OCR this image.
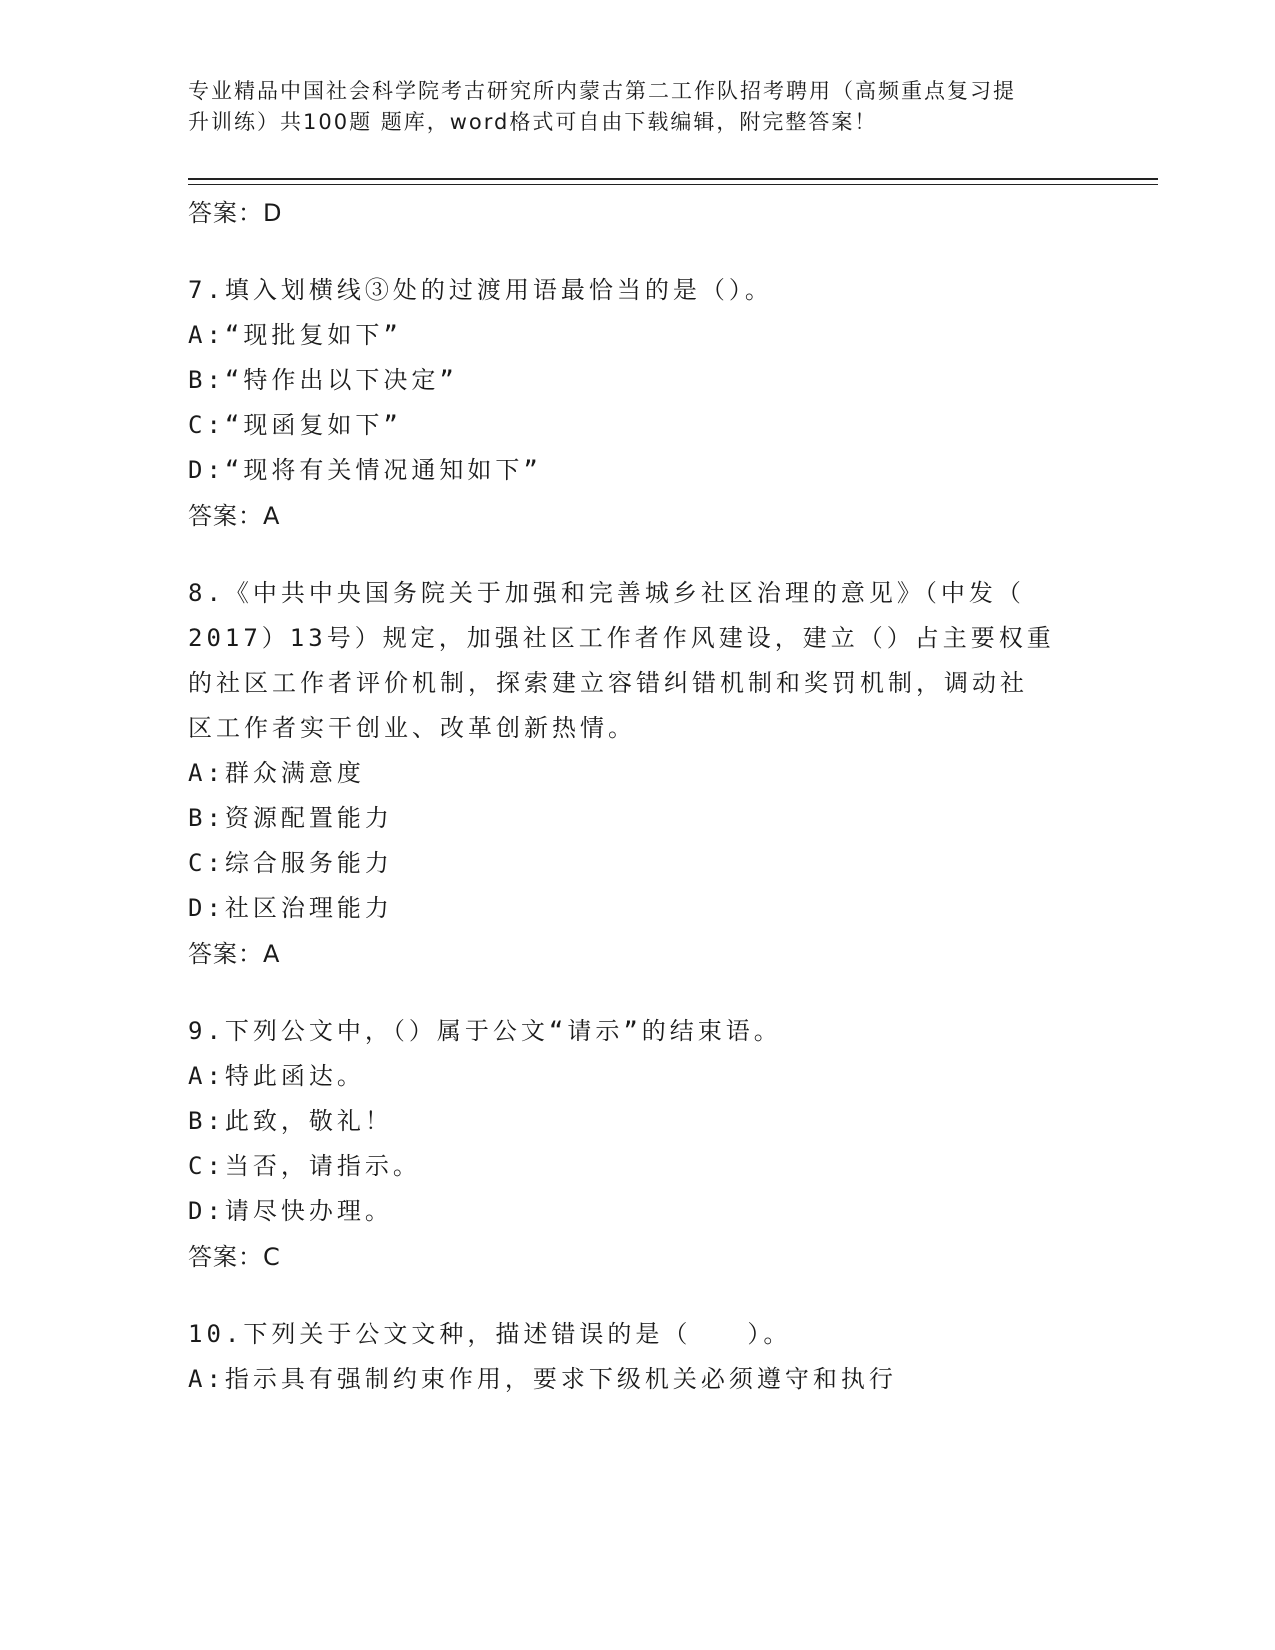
专业精品中国社会科学院考古研究所内蒙古第二工作队招考聘用（高频重点复习提
升训练）共100题 题库，word格式可自由下载编辑，附完整答案！
答案：D
7.填入划横线③处的过渡用语最恰当的是（）。
A:“现批复如下”
B:“特作出以下决定”
C:“现函复如下”
D:“现将有关情况通知如下”
答案：A
8.《中共中央国务院关于加强和完善城乡社区治理的意见》（中发（
2017）13号）规定，加强社区工作者作风建设，建立（）占主要权重
的社区工作者评价机制，探索建立容错纠错机制和奖罚机制，调动社
区工作者实干创业、改革创新热情。
A:群众满意度
B:资源配置能力
C:综合服务能力
D:社区治理能力
答案：A
9.下列公文中，（）属于公文“请示”的结束语。
A:特此函达。
B:此致，敬礼！
C:当否，请指示。
D:请尽快办理。
答案：C
10.下列关于公文文种，描述错误的是（　　）。
A:指示具有强制约束作用，要求下级机关必须遵守和执行
